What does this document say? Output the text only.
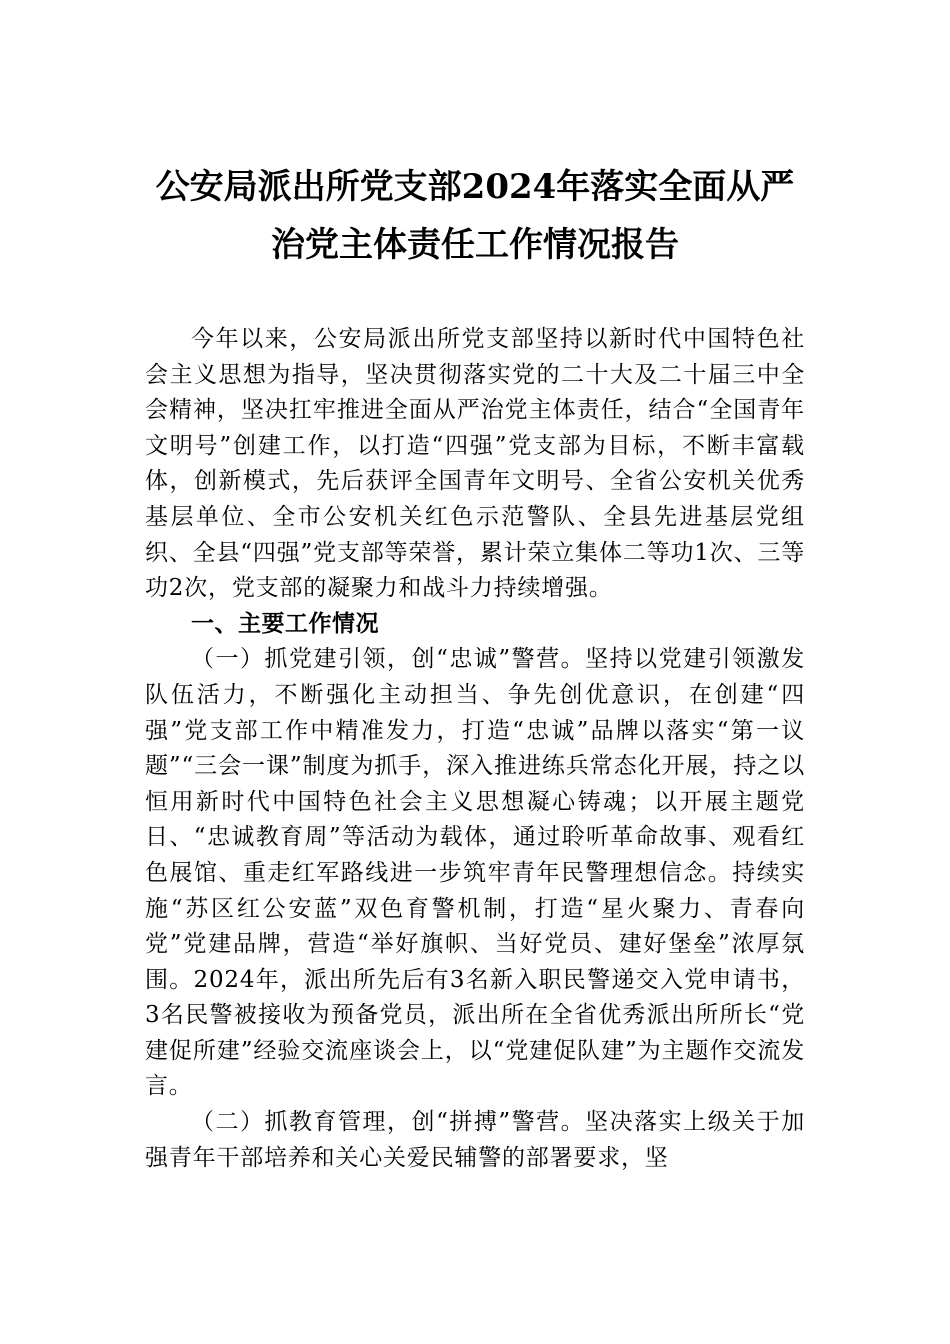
公安局派出所党支部2024年落实全面从严
治党主体责任工作情况报告

今年以来，公安局派出所党支部坚持以新时代中国特色社会主义思想为指导，坚决贯彻落实党的二十大及二十届三中全会精神，坚决扛牢推进全面从严治党主体责任，结合“全国青年文明号”创建工作，以打造“四强”党支部为目标，不断丰富载体，创新模式，先后获评全国青年文明号、全省公安机关优秀基层单位、全市公安机关红色示范警队、全县先进基层党组织、全县“四强”党支部等荣誉，累计荣立集体二等功1次、三等功2次，党支部的凝聚力和战斗力持续增强。

一、主要工作情况

（一）抓党建引领，创“忠诚”警营。坚持以党建引领激发队伍活力，不断强化主动担当、争先创优意识，在创建“四强”党支部工作中精准发力，打造“忠诚”品牌以落实“第一议题”“三会一课”制度为抓手，深入推进练兵常态化开展，持之以恒用新时代中国特色社会主义思想凝心铸魂；以开展主题党日、“忠诚教育周”等活动为载体，通过聆听革命故事、观看红色展馆、重走红军路线进一步筑牢青年民警理想信念。持续实施“苏区红公安蓝”双色育警机制，打造“星火聚力、青春向党”党建品牌，营造“举好旗帜、当好党员、建好堡垒”浓厚氛围。2024年，派出所先后有3名新入职民警递交入党申请书，3名民警被接收为预备党员，派出所在全省优秀派出所所长“党建促所建”经验交流座谈会上，以“党建促队建”为主题作交流发言。

（二）抓教育管理，创“拼搏”警营。坚决落实上级关于加强青年干部培养和关心关爱民辅警的部署要求，坚
